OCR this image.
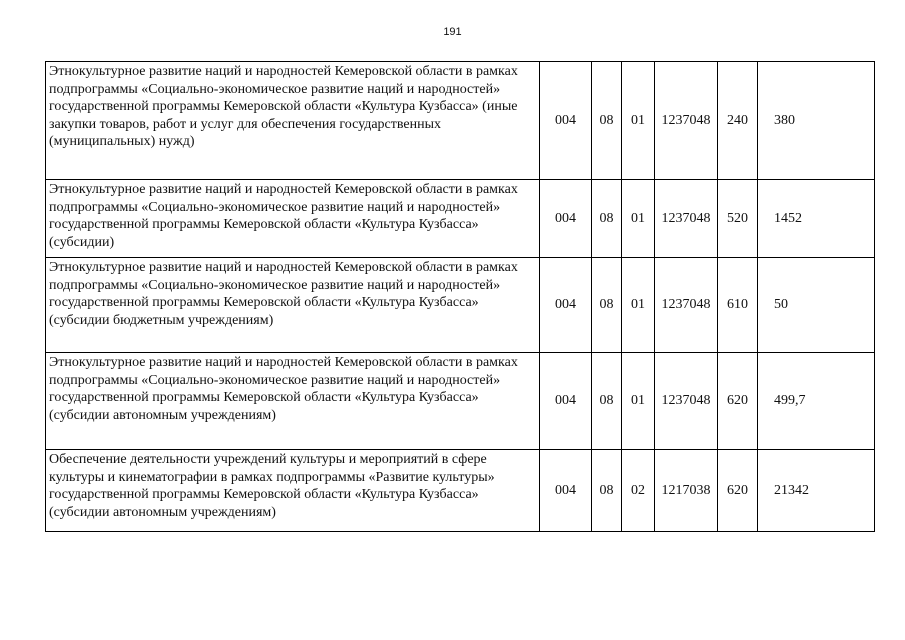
191
Этнокультурное развитие наций и народностей Кемеровской области в рамках подпрограммы «Социально-экономическое развитие наций и народностей» государственной программы Кемеровской области «Культура Кузбасса» (иные закупки товаров, работ и услуг для обеспечения государственных (муниципальных) нужд)	004	08	01	1237048	240	380
Этнокультурное развитие наций и народностей Кемеровской области в рамках подпрограммы «Социально-экономическое развитие наций и народностей» государственной программы Кемеровской области «Культура Кузбасса» (субсидии)	004	08	01	1237048	520	1452
Этнокультурное развитие наций и народностей Кемеровской области в рамках подпрограммы «Социально-экономическое развитие наций и народностей» государственной программы Кемеровской области «Культура Кузбасса» (субсидии бюджетным учреждениям)	004	08	01	1237048	610	50
Этнокультурное развитие наций и народностей Кемеровской области в рамках подпрограммы «Социально-экономическое развитие наций и народностей» государственной программы Кемеровской области «Культура Кузбасса» (субсидии автономным учреждениям)	004	08	01	1237048	620	499,7
Обеспечение деятельности учреждений культуры и мероприятий в сфере культуры и кинематографии в рамках подпрограммы «Развитие культуры» государственной программы Кемеровской области «Культура Кузбасса» (субсидии автономным учреждениям)	004	08	02	1217038	620	21342
